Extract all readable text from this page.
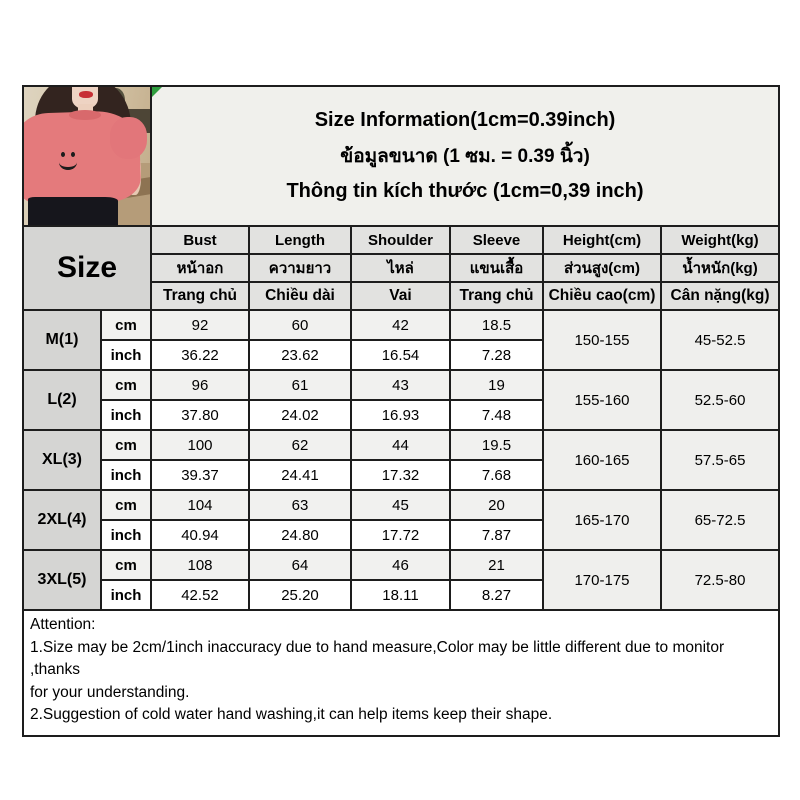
		Size Information(1cm=0.39inch)
ข้อมูลขนาด (1 ซม. = 0.39 นิ้ว)
Thông tin kích thước (1cm=0,39 inch)					

Size		Bust	Length	Shoulder	Sleeve	Height(cm)	Weight(kg)
		หน้าอก	ความยาว	ไหล่	แขนเสื้อ	ส่วนสูง(cm)	น้ำหนัก(kg)
		Trang chủ	Chiều dài	Vai	Trang chủ	Chiều cao(cm)	Cân nặng(kg)
M(1)	cm	92	60	42	18.5	150-155	45-52.5
	inch	36.22	23.62	16.54	7.28		
L(2)	cm	96	61	43	19	155-160	52.5-60
	inch	37.80	24.02	16.93	7.48		
XL(3)	cm	100	62	44	19.5	160-165	57.5-65
	inch	39.37	24.41	17.32	7.68		
2XL(4)	cm	104	63	45	20	165-170	65-72.5
	inch	40.94	24.80	17.72	7.87		
3XL(5)	cm	108	64	46	21	170-175	72.5-80
	inch	42.52	25.20	18.11	8.27		

Attention:
1.Size may be 2cm/1inch inaccuracy due to hand measure,Color may be little different due to monitor ,thanks
for your understanding.
2.Suggestion of cold water hand washing,it can help items keep their shape.							
